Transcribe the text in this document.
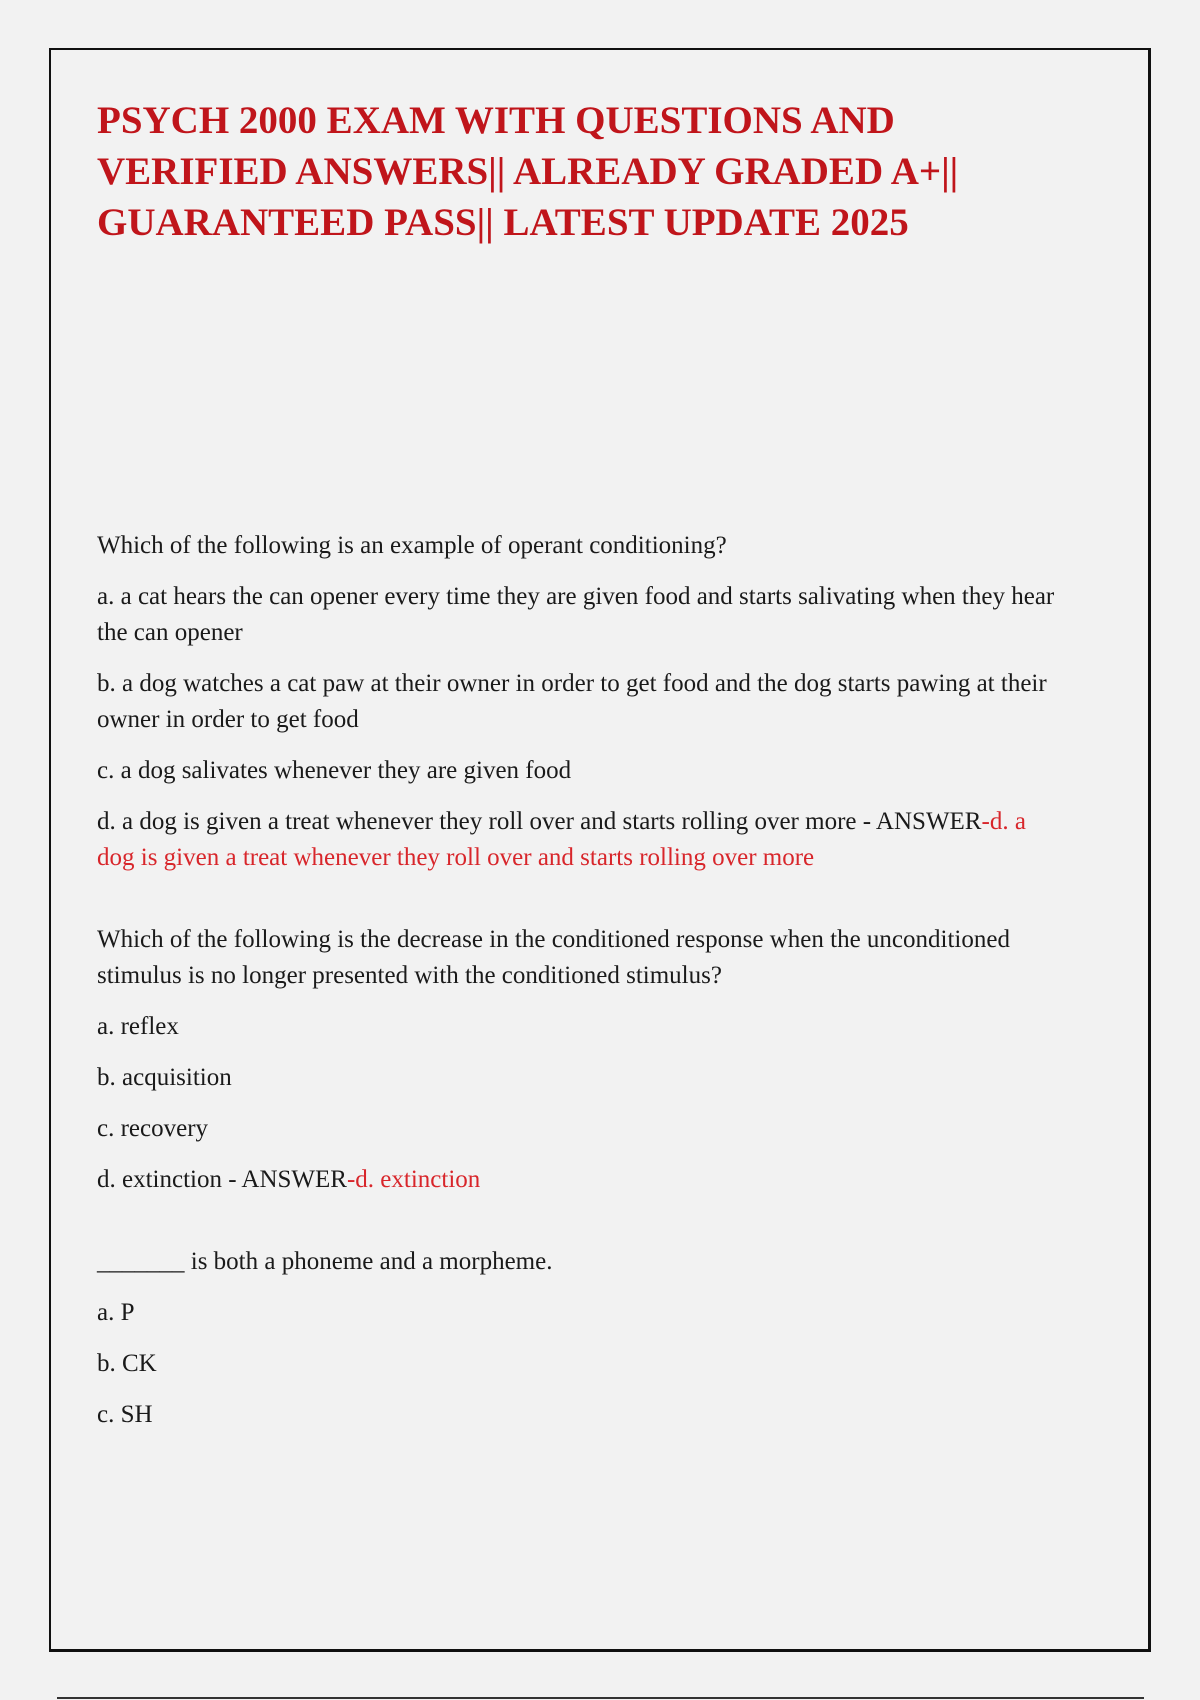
PSYCH 2000 EXAM WITH QUESTIONS AND VERIFIED ANSWERS|| ALREADY GRADED A+|| GUARANTEED PASS|| LATEST UPDATE 2025

Which of the following is an example of operant conditioning?

a. a cat hears the can opener every time they are given food and starts salivating when they hear the can opener

b. a dog watches a cat paw at their owner in order to get food and the dog starts pawing at their owner in order to get food

c. a dog salivates whenever they are given food

d. a dog is given a treat whenever they roll over and starts rolling over more - ANSWER-d. a dog is given a treat whenever they roll over and starts rolling over more

Which of the following is the decrease in the conditioned response when the unconditioned stimulus is no longer presented with the conditioned stimulus?

a. reflex

b. acquisition

c. recovery

d. extinction - ANSWER-d. extinction

_______ is both a phoneme and a morpheme.

a. P

b. CK

c. SH
